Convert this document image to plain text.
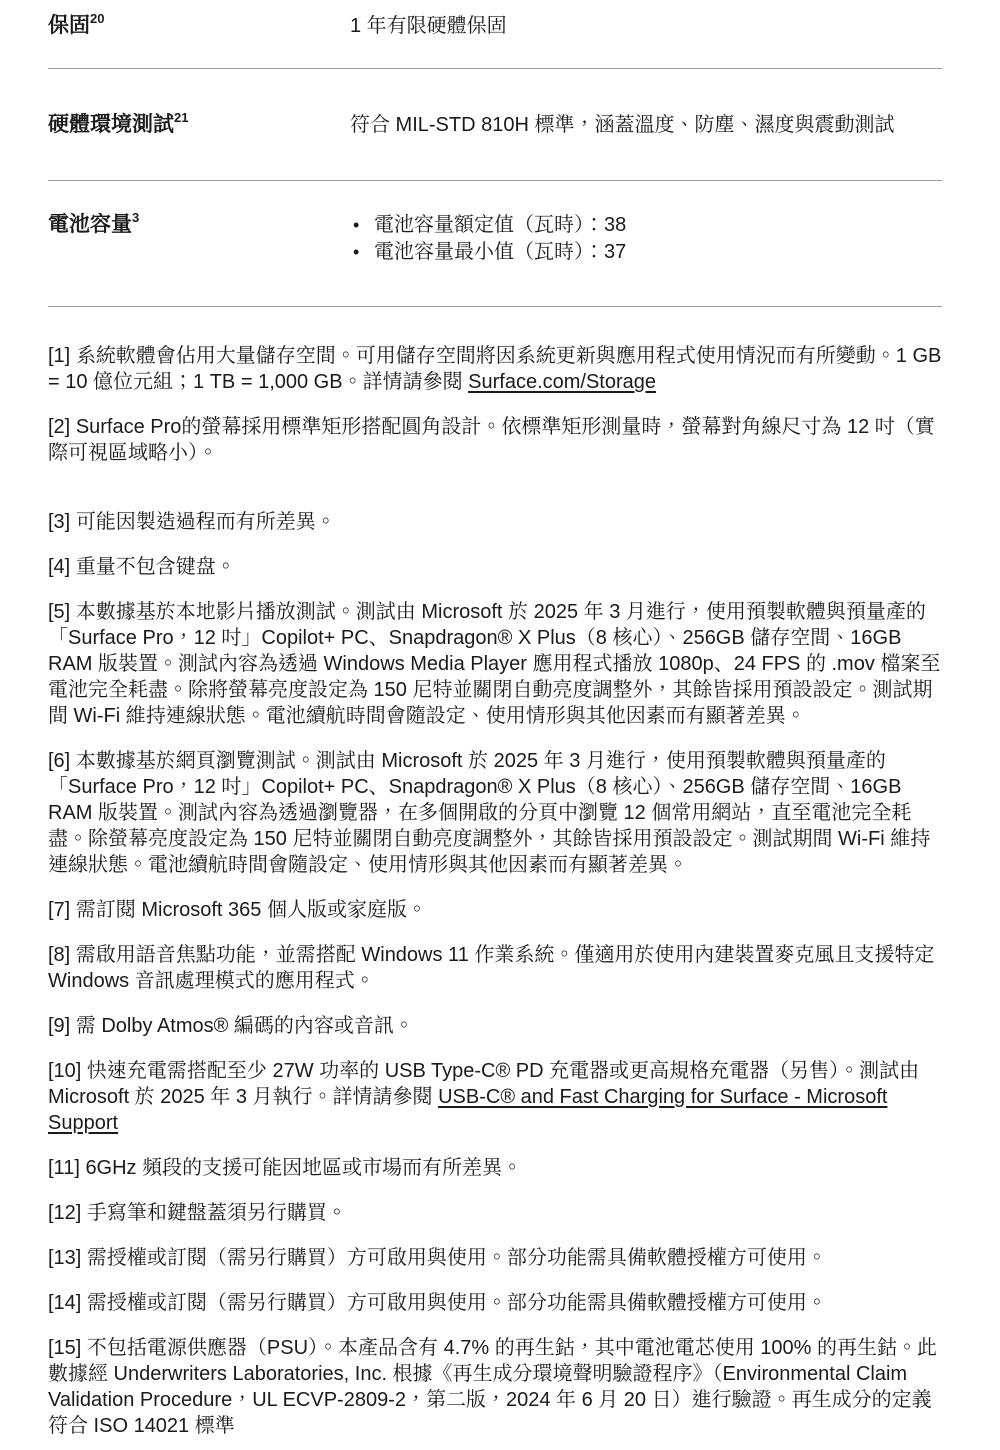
保固$^{20}$	1 年有限硬體保固
硬體環境測試$^{21}$	符合 MIL-STD 810H 標準，涵蓋溫度、防塵、濕度與震動測試
電池容量$^3$	• 電池容量額定值（瓦時）：38
• 電池容量最小值（瓦時）：37

[1] 系統軟體會佔用大量儲存空間。可用儲存空間將因系統更新與應用程式使用情況而有所變動。1 GB = 10 億位元組；1 TB = 1,000 GB。詳情請參閱 Surface.com/Storage

[2] Surface Pro的螢幕採用標準矩形搭配圓角設計。依標準矩形測量時，螢幕對角線尺寸為 12 吋（實際可視區域略小）。

[3] 可能因製造過程而有所差異。

[4] 重量不包含键盘。

[5] 本數據基於本地影片播放測試。測試由 Microsoft 於 2025 年 3 月進行，使用預製軟體與預量產的「Surface Pro，12 吋」Copilot+ PC、Snapdragon® X Plus（8 核心）、256GB 儲存空間、16GB RAM 版裝置。測試內容為透過 Windows Media Player 應用程式播放 1080p、24 FPS 的 .mov 檔案至電池完全耗盡。除將螢幕亮度設定為 150 尼特並關閉自動亮度調整外，其餘皆採用預設設定。測試期間 Wi-Fi 維持連線狀態。電池續航時間會隨設定、使用情形與其他因素而有顯著差異。

[6] 本數據基於網頁瀏覽測試。測試由 Microsoft 於 2025 年 3 月進行，使用預製軟體與預量產的「Surface Pro，12 吋」Copilot+ PC、Snapdragon® X Plus（8 核心）、256GB 儲存空間、16GB RAM 版裝置。測試內容為透過瀏覽器，在多個開啟的分頁中瀏覽 12 個常用網站，直至電池完全耗盡。除螢幕亮度設定為 150 尼特並關閉自動亮度調整外，其餘皆採用預設設定。測試期間 Wi-Fi 維持連線狀態。電池續航時間會隨設定、使用情形與其他因素而有顯著差異。

[7] 需訂閱 Microsoft 365 個人版或家庭版。

[8] 需啟用語音焦點功能，並需搭配 Windows 11 作業系統。僅適用於使用內建裝置麥克風且支援特定 Windows 音訊處理模式的應用程式。

[9] 需 Dolby Atmos® 編碼的內容或音訊。

[10] 快速充電需搭配至少 27W 功率的 USB Type-C® PD 充電器或更高規格充電器（另售）。測試由 Microsoft 於 2025 年 3 月執行。詳情請參閱 USB-C® and Fast Charging for Surface - Microsoft Support

[11] 6GHz 頻段的支援可能因地區或市場而有所差異。

[12] 手寫筆和鍵盤蓋須另行購買。

[13] 需授權或訂閱（需另行購買）方可啟用與使用。部分功能需具備軟體授權方可使用。

[14] 需授權或訂閱（需另行購買）方可啟用與使用。部分功能需具備軟體授權方可使用。

[15] 不包括電源供應器（PSU）。本產品含有 4.7% 的再生鈷，其中電池電芯使用 100% 的再生鈷。此數據經 Underwriters Laboratories, Inc. 根據《再生成分環境聲明驗證程序》（Environmental Claim Validation Procedure，UL ECVP-2809-2，第二版，2024 年 6 月 20 日）進行驗證。再生成分的定義符合 ISO 14021 標準
